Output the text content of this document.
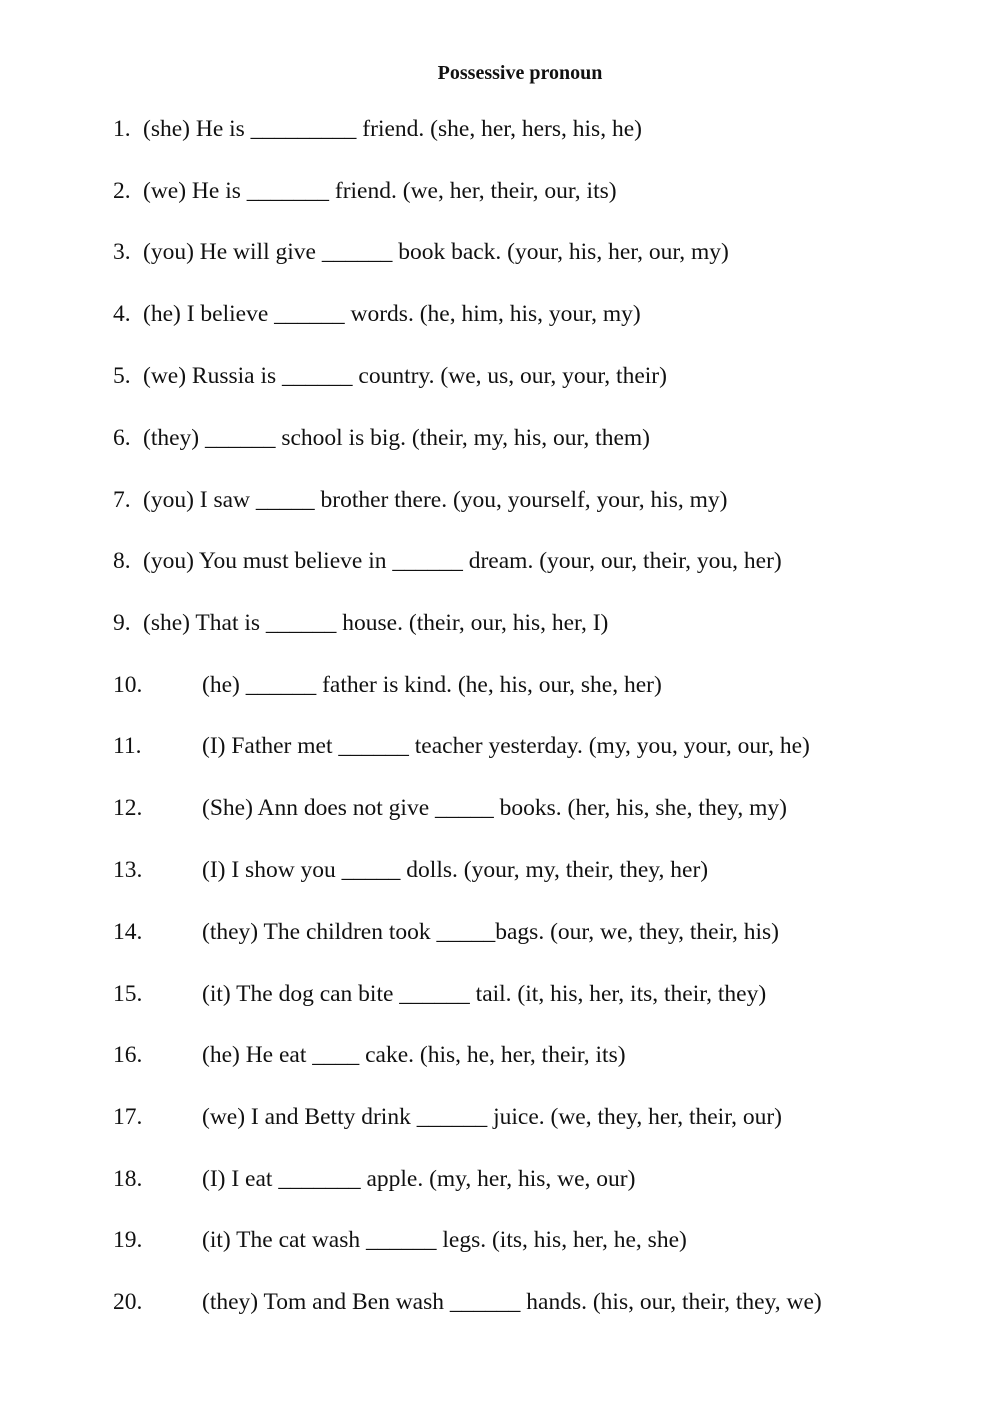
Possessive pronoun
1. (she) He is _________ friend. (she, her, hers, his, he)
2. (we) He is _______ friend. (we, her, their, our, its)
3. (you) He will give ______ book back. (your, his, her, our, my)
4. (he) I believe ______ words. (he, him, his, your, my)
5. (we) Russia is ______ country. (we, us, our, your, their)
6. (they) ______ school is big. (their, my, his, our, them)
7. (you) I saw _____ brother there. (you, yourself, your, his, my)
8. (you) You must believe in ______ dream. (your, our, their, you, her)
9. (she) That is ______ house. (their, our, his, her, I)
10.	(he) ______ father is kind. (he, his, our, she, her)
11.	(I) Father met ______ teacher yesterday. (my, you, your, our, he)
12.	(She) Ann does not give _____ books. (her, his, she, they, my)
13.	(I) I show you _____ dolls. (your, my, their, they, her)
14.	(they) The children took _____bags. (our, we, they, their, his)
15.	(it) The dog can bite ______ tail. (it, his, her, its, their, they)
16.	(he) He eat ____ cake. (his, he, her, their, its)
17.	(we) I and Betty drink ______ juice. (we, they, her, their, our)
18.	(I) I eat _______ apple. (my, her, his, we, our)
19.	(it) The cat wash ______ legs. (its, his, her, he, she)
20.	(they) Tom and Ben wash ______ hands. (his, our, their, they, we)
